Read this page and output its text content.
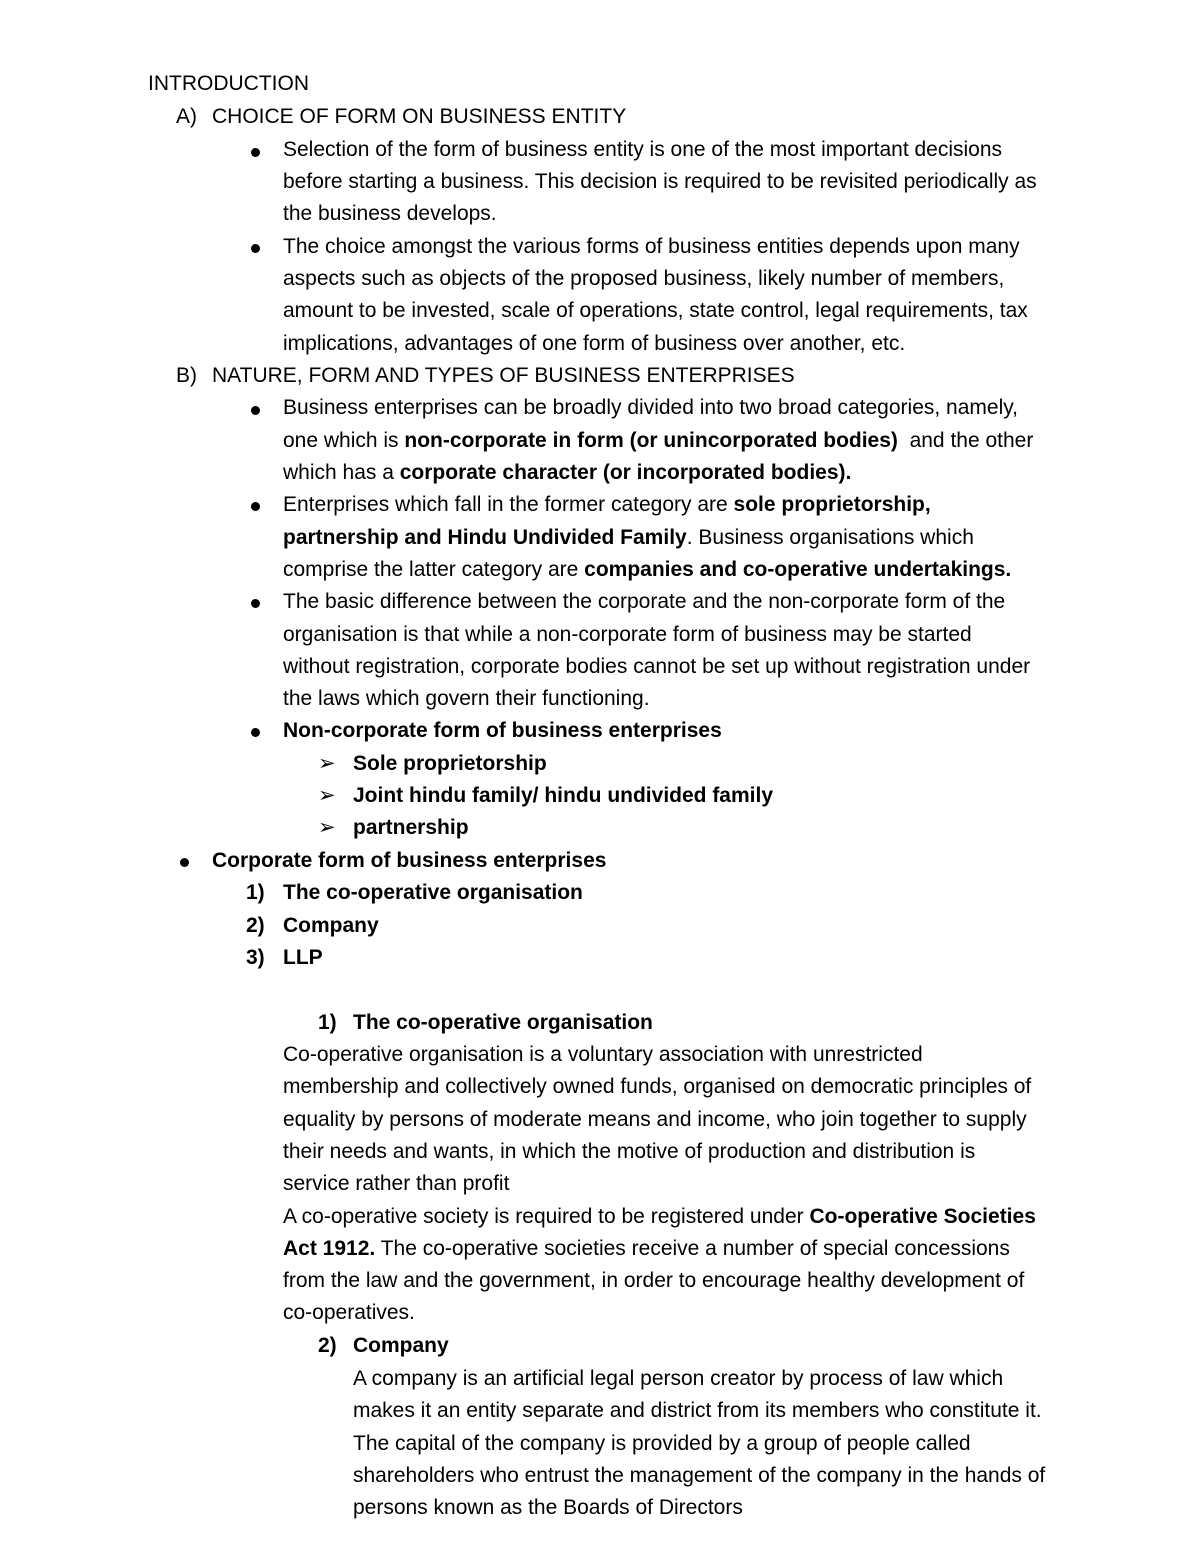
INTRODUCTION
A) CHOICE OF FORM ON BUSINESS ENTITY
Selection of the form of business entity is one of the most important decisions
before starting a business. This decision is required to be revisited periodically as
the business develops.
The choice amongst the various forms of business entities depends upon many
aspects such as objects of the proposed business, likely number of members,
amount to be invested, scale of operations, state control, legal requirements, tax
implications, advantages of one form of business over another, etc.
B) NATURE, FORM AND TYPES OF BUSINESS ENTERPRISES
Business enterprises can be broadly divided into two broad categories, namely,
one which is non-corporate in form (or unincorporated bodies)  and the other
which has a corporate character (or incorporated bodies).
Enterprises which fall in the former category are sole proprietorship,
partnership and Hindu Undivided Family. Business organisations which
comprise the latter category are companies and co-operative undertakings.
The basic difference between the corporate and the non-corporate form of the
organisation is that while a non-corporate form of business may be started
without registration, corporate bodies cannot be set up without registration under
the laws which govern their functioning.
Non-corporate form of business enterprises
➢ Sole proprietorship
➢ Joint hindu family/ hindu undivided family
➢ partnership
Corporate form of business enterprises
1) The co-operative organisation
2) Company
3) LLP
1) The co-operative organisation
Co-operative organisation is a voluntary association with unrestricted
membership and collectively owned funds, organised on democratic principles of
equality by persons of moderate means and income, who join together to supply
their needs and wants, in which the motive of production and distribution is
service rather than profit
A co-operative society is required to be registered under Co-operative Societies
Act 1912. The co-operative societies receive a number of special concessions
from the law and the government, in order to encourage healthy development of
co-operatives.
2) Company
A company is an artificial legal person creator by process of law which
makes it an entity separate and district from its members who constitute it.
The capital of the company is provided by a group of people called
shareholders who entrust the management of the company in the hands of
persons known as the Boards of Directors
